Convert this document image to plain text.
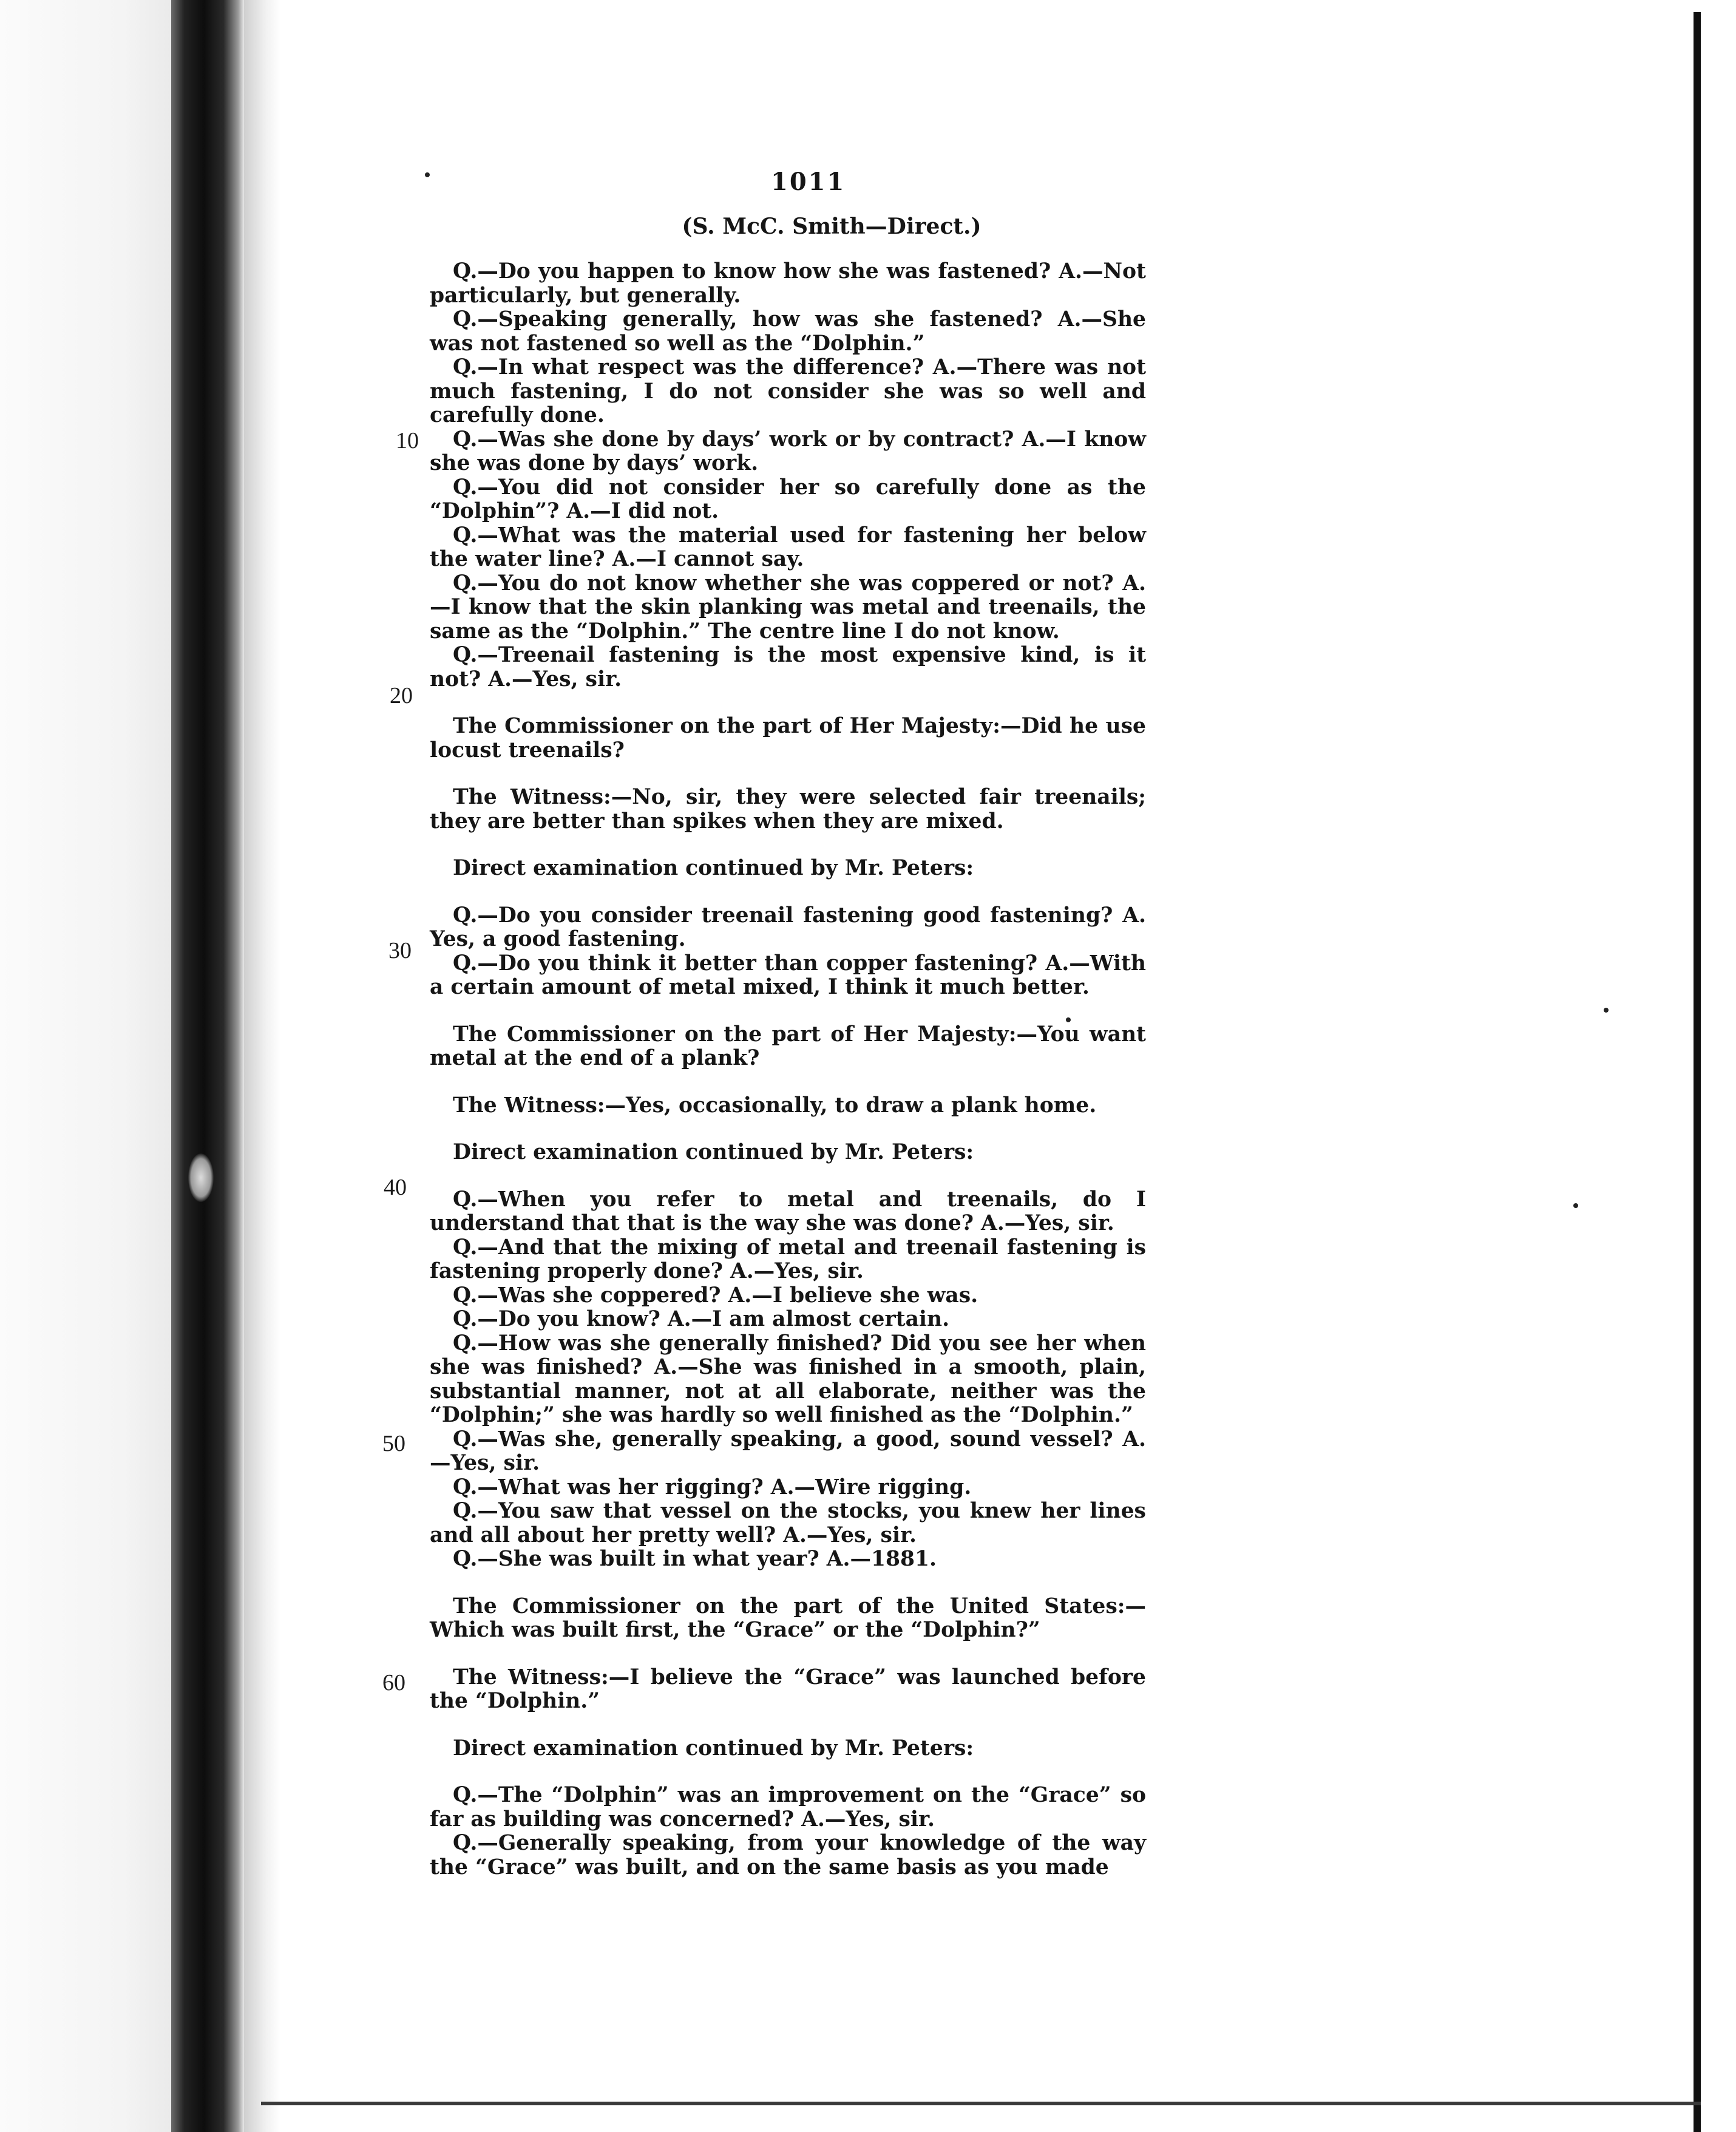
1011
(S. McC. Smith—Direct.)
10
20
30
40
50
60

Q.—Do you happen to know how she was fastened? A.—Not particularly, but generally.

Q.—Speaking generally, how was she fastened? A.—She was not fastened so well as the “Dolphin.”

Q.—In what respect was the difference? A.—There was not much fastening, I do not consider she was so well and carefully done.

Q.—Was she done by days’ work or by contract? A.—I know she was done by days’ work.

Q.—You did not consider her so carefully done as the “Dolphin”? A.—I did not.

Q.—What was the material used for fastening her below the water line? A.—I cannot say.

Q.—You do not know whether she was coppered or not? A.—I know that the skin planking was metal and treenails, the same as the “Dolphin.” The centre line I do not know.

Q.—Treenail fastening is the most expensive kind, is it not? A.—Yes, sir.

The Commissioner on the part of Her Majesty:—Did he use locust treenails?

The Witness:—No, sir, they were selected fair treenails; they are better than spikes when they are mixed.

Direct examination continued by Mr. Peters:

Q.—Do you consider treenail fastening good fastening? A. Yes, a good fastening.

Q.—Do you think it better than copper fastening? A.—With a certain amount of metal mixed, I think it much better.

The Commissioner on the part of Her Majesty:—You want metal at the end of a plank?

The Witness:—Yes, occasionally, to draw a plank home.

Direct examination continued by Mr. Peters:

Q.—When you refer to metal and treenails, do I understand that that is the way she was done? A.—Yes, sir.

Q.—And that the mixing of metal and treenail fastening is fastening properly done? A.—Yes, sir.

Q.—Was she coppered? A.—I believe she was.

Q.—Do you know? A.—I am almost certain.

Q.—How was she generally finished? Did you see her when she was finished? A.—She was finished in a smooth, plain, substantial manner, not at all elaborate, neither was the “Dolphin;” she was hardly so well finished as the “Dolphin.”

Q.—Was she, generally speaking, a good, sound vessel? A.—Yes, sir.

Q.—What was her rigging? A.—Wire rigging.

Q.—You saw that vessel on the stocks, you knew her lines and all about her pretty well? A.—Yes, sir.

Q.—She was built in what year? A.—1881.

The Commissioner on the part of the United States:—Which was built first, the “Grace” or the “Dolphin?”

The Witness:—I believe the “Grace” was launched before the “Dolphin.”

Direct examination continued by Mr. Peters:

Q.—The “Dolphin” was an improvement on the “Grace” so far as building was concerned? A.—Yes, sir.

Q.—Generally speaking, from your knowledge of the way the “Grace” was built, and on the same basis as you made
